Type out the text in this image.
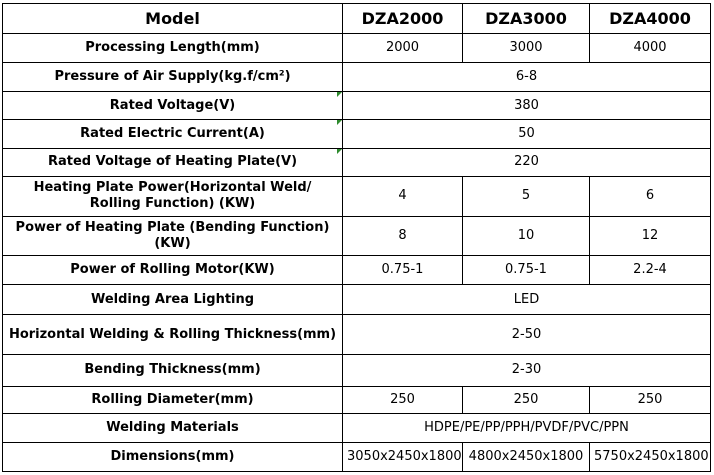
Model	DZA2000	DZA3000	DZA4000
Processing Length(mm)	2000	3000	4000
Pressure of Air Supply(kg.f/cm²)	6-8		
Rated Voltage(V)	380		
Rated Electric Current(A)	50		
Rated Voltage of Heating Plate(V)	220		
Heating Plate Power(Horizontal Weld/ Rolling Function) (KW)	4	5	6
Power of Heating Plate (Bending Function) (KW)	8	10	12
Power of Rolling Motor(KW)	0.75-1	0.75-1	2.2-4
Welding Area Lighting	LED		
Horizontal Welding & Rolling Thickness(mm)	2-50		
Bending Thickness(mm)	2-30		
Rolling Diameter(mm)	250	250	250
Welding Materials	HDPE/PE/PP/PPH/PVDF/PVC/PPN		
Dimensions(mm)	3050x2450x1800	4800x2450x1800	5750x2450x1800
